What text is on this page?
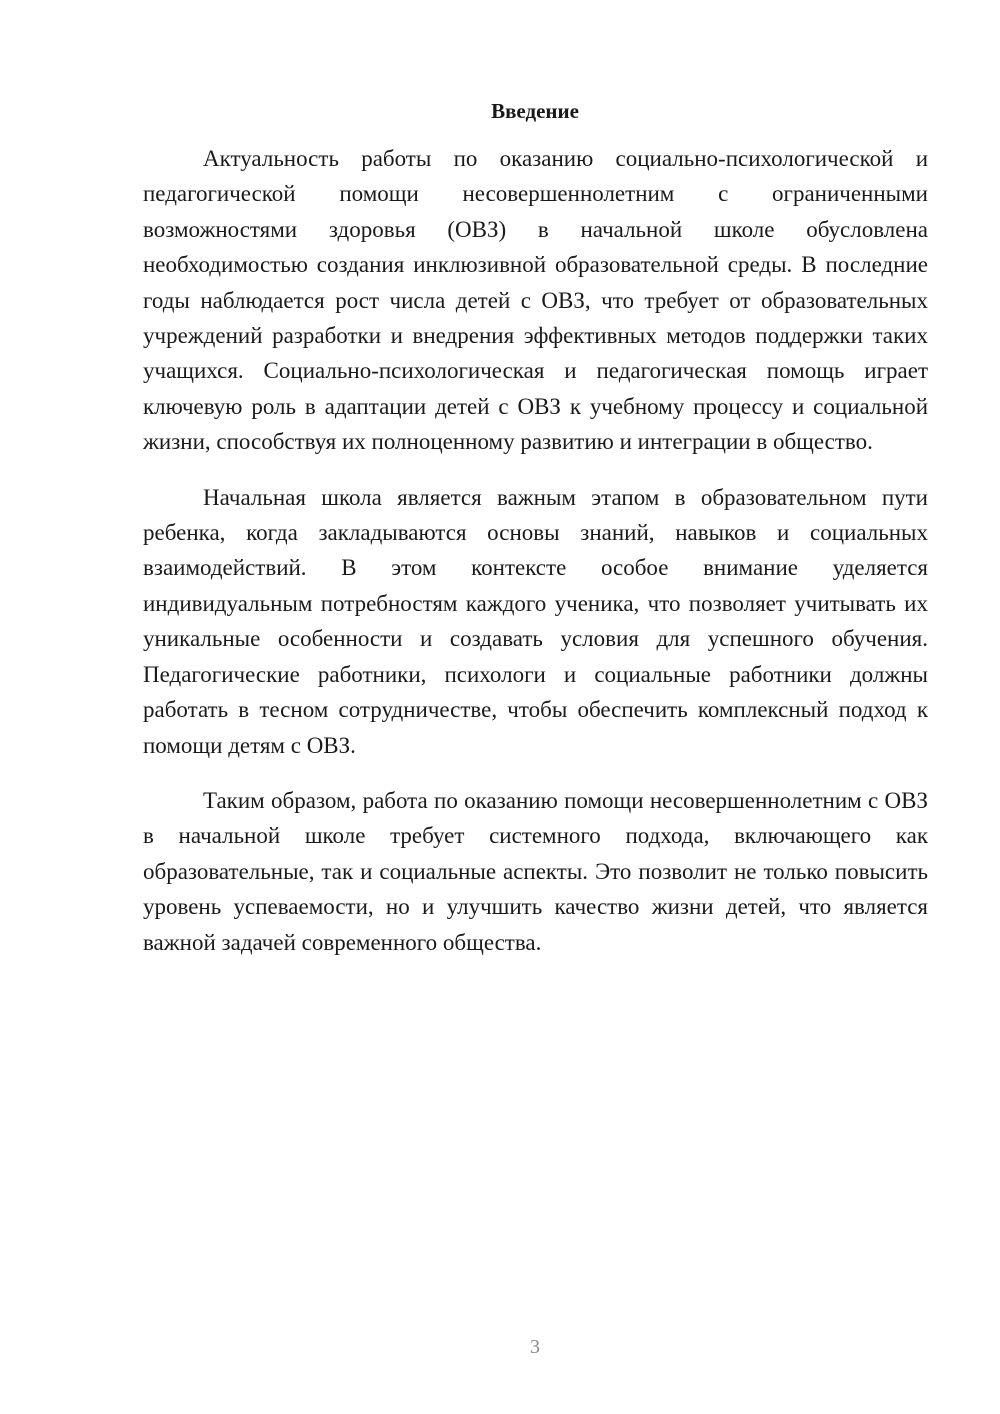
Введение

Актуальность работы по оказанию социально-психологической и педагогической помощи несовершеннолетним с ограниченными возможностями здоровья (ОВЗ) в начальной школе обусловлена необходимостью создания инклюзивной образовательной среды. В последние годы наблюдается рост числа детей с ОВЗ, что требует от образовательных учреждений разработки и внедрения эффективных методов поддержки таких учащихся. Социально-психологическая и педагогическая помощь играет ключевую роль в адаптации детей с ОВЗ к учебному процессу и социальной жизни, способствуя их полноценному развитию и интеграции в общество.

Начальная школа является важным этапом в образовательном пути ребенка, когда закладываются основы знаний, навыков и социальных взаимодействий. В этом контексте особое внимание уделяется индивидуальным потребностям каждого ученика, что позволяет учитывать их уникальные особенности и создавать условия для успешного обучения. Педагогические работники, психологи и социальные работники должны работать в тесном сотрудничестве, чтобы обеспечить комплексный подход к помощи детям с ОВЗ.

Таким образом, работа по оказанию помощи несовершеннолетним с ОВЗ в начальной школе требует системного подхода, включающего как образовательные, так и социальные аспекты. Это позволит не только повысить уровень успеваемости, но и улучшить качество жизни детей, что является важной задачей современного общества.

3
